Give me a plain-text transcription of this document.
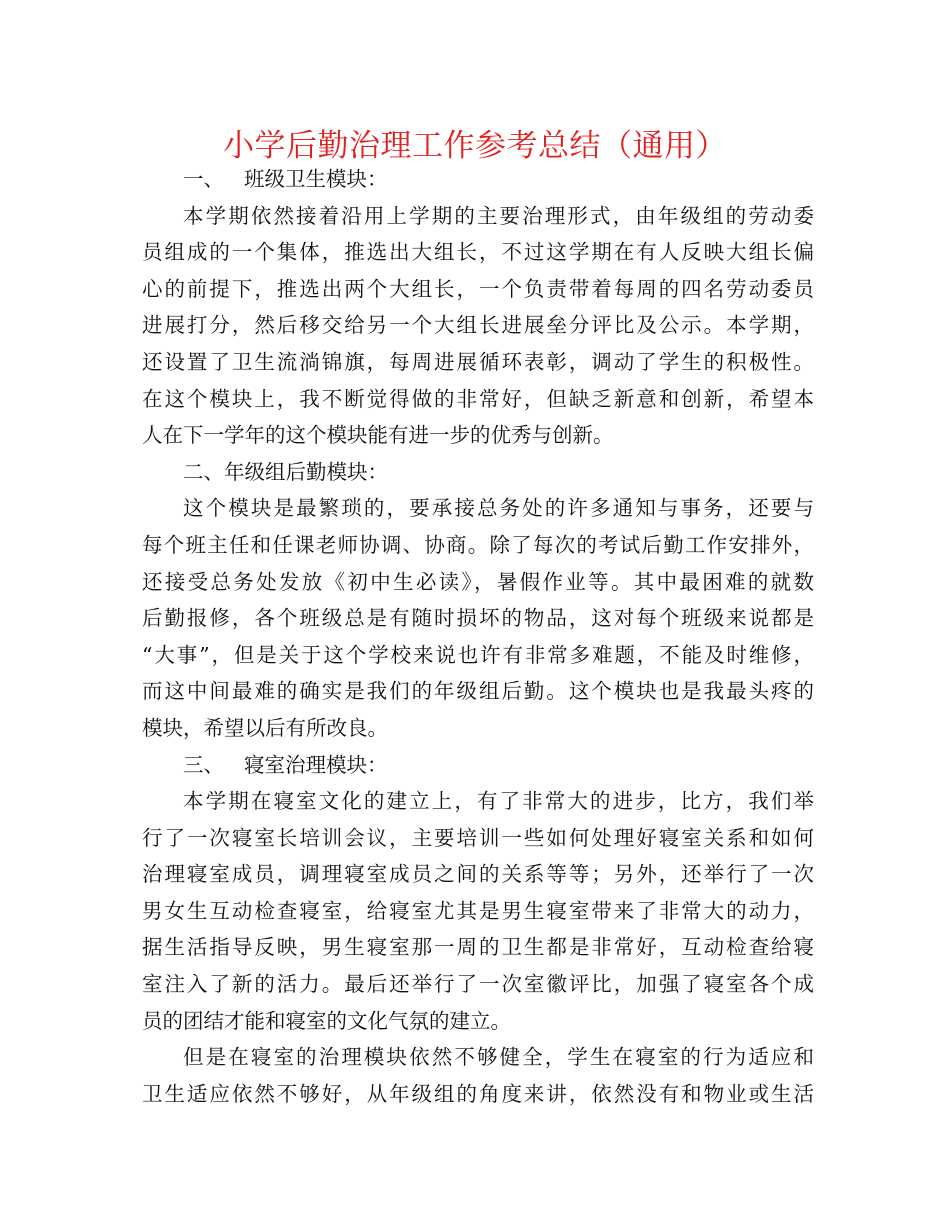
小学后勤治理工作参考总结（通用）
一、 班级卫生模块：
本学期依然接着沿用上学期的主要治理形式，由年级组的劳动委
员组成的一个集体，推选出大组长，不过这学期在有人反映大组长偏
心的前提下，推选出两个大组长，一个负责带着每周的四名劳动委员
进展打分，然后移交给另一个大组长进展垒分评比及公示。本学期，
还设置了卫生流淌锦旗，每周进展循环表彰，调动了学生的积极性。
在这个模块上，我不断觉得做的非常好，但缺乏新意和创新，希望本
人在下一学年的这个模块能有进一步的优秀与创新。
二、年级组后勤模块：
这个模块是最繁琐的，要承接总务处的许多通知与事务，还要与
每个班主任和任课老师协调、协商。除了每次的考试后勤工作安排外，
还接受总务处发放《初中生必读》，暑假作业等。其中最困难的就数
后勤报修，各个班级总是有随时损坏的物品，这对每个班级来说都是
“大事”，但是关于这个学校来说也许有非常多难题，不能及时维修，
而这中间最难的确实是我们的年级组后勤。这个模块也是我最头疼的
模块，希望以后有所改良。
三、 寝室治理模块：
本学期在寝室文化的建立上，有了非常大的进步，比方，我们举
行了一次寝室长培训会议，主要培训一些如何处理好寝室关系和如何
治理寝室成员，调理寝室成员之间的关系等等；另外，还举行了一次
男女生互动检查寝室，给寝室尤其是男生寝室带来了非常大的动力，
据生活指导反映，男生寝室那一周的卫生都是非常好，互动检查给寝
室注入了新的活力。最后还举行了一次室徽评比，加强了寝室各个成
员的团结才能和寝室的文化气氛的建立。
但是在寝室的治理模块依然不够健全，学生在寝室的行为适应和
卫生适应依然不够好，从年级组的角度来讲，依然没有和物业或生活
